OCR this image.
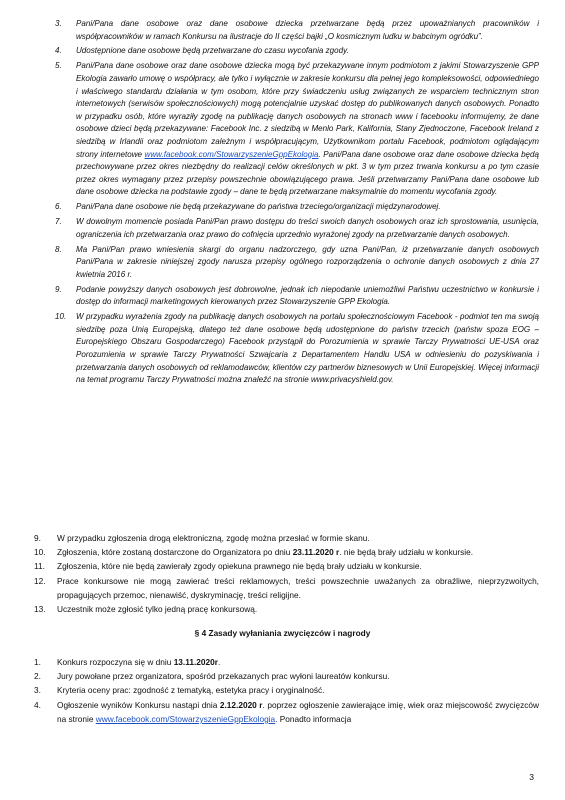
3. Pani/Pana dane osobowe oraz dane osobowe dziecka przetwarzane będą przez upoważnianych pracowników i współpracowników w ramach Konkursu na ilustracje do II części bajki „O kosmicznym ludku w babcinym ogródku”.
4. Udostępnione dane osobowe będą przetwarzane do czasu wycofania zgody.
5. Pani/Pana dane osobowe oraz dane osobowe dziecka mogą być przekazywane innym podmiotom z jakimi Stowarzyszenie GPP Ekologia zawarło umowę o współpracy, ale tylko i wyłącznie w zakresie konkursu dla pełnej jego kompleksowości, odpowiedniego i właściwego standardu działania w tym osobom, które przy świadczeniu usług związanych ze wsparciem technicznym stron internetowych (serwisów społecznościowych) mogą potencjalnie uzyskać dostęp do publikowanych danych osobowych. Ponadto w przypadku osób, które wyraziły zgodę na publikację danych osobowych na stronach www i facebooku informujemy, że dane osobowe dzieci będą przekazywane: Facebook Inc. z siedzibą w Menlo Park, Kalifornia, Stany Zjednoczone, Facebook Ireland z siedzibą w Irlandii oraz podmiotom zależnym i współpracującym, Użytkownikom portalu Facebook, podmiotom oglądającym strony internetowe www.facebook.com/StowarzyszenieGppEkologia. Pani/Pana dane osobowe oraz dane osobowe dziecka będą przechowywane przez okres niezbędny do realizacji celów określonych w pkt. 3 w tym przez trwania konkursu a po tym czasie przez okres wymagany przez przepisy powszechnie obowiązującego prawa. Jeśli przetwarzamy Pani/Pana dane osobowe lub dane osobowe dziecka na podstawie zgody – dane te będą przetwarzane maksymalnie do momentu wycofania zgody.
6. Pani/Pana dane osobowe nie będą przekazywane do państwa trzeciego/organizacji międzynarodowej.
7. W dowolnym momencie posiada Pani/Pan prawo dostępu do treści swoich danych osobowych oraz ich sprostowania, usunięcia, ograniczenia ich przetwarzania oraz prawo do cofnięcia uprzednio wyrażonej zgody na przetwarzanie danych osobowych.
8. Ma Pani/Pan prawo wniesienia skargi do organu nadzorczego, gdy uzna Pani/Pan, iż przetwarzanie danych osobowych Pani/Pana w zakresie niniejszej zgody narusza przepisy ogólnego rozporządzenia o ochronie danych osobowych z dnia 27 kwietnia 2016 r.
9. Podanie powyższy danych osobowych jest dobrowolne, jednak ich niepodanie uniemożliwi Państwu uczestnictwo w konkursie i dostęp do informacji marketingowych kierowanych przez Stowarzyszenie GPP Ekologia.
10. W przypadku wyrażenia zgody na publikację danych osobowych na portalu społecznościowym Facebook - podmiot ten ma swoją siedzibę poza Unią Europejską, dlatego też dane osobowe będą udostępnione do państw trzecich (państw spoza EOG – Europejskiego Obszaru Gospodarczego) Facebook przystąpił do Porozumienia w sprawie Tarczy Prywatności UE-USA oraz Porozumienia w sprawie Tarczy Prywatności Szwajcaria z Departamentem Handlu USA w odniesieniu do pozyskiwania i przetwarzania danych osobowych od reklamodawców, klientów czy partnerów biznesowych w Unii Europejskiej. Więcej informacji na temat programu Tarczy Prywatności można znaleźć na stronie www.privacyshield.gov.
9. W przypadku zgłoszenia drogą elektroniczną, zgodę można przesłać w formie skanu.
10. Zgłoszenia, które zostaną dostarczone do Organizatora po dniu 23.11.2020 r. nie będą brały udziału w konkursie.
11. Zgłoszenia, które nie będą zawierały zgody opiekuna prawnego nie będą brały udziału w konkursie.
12. Prace konkursowe nie mogą zawierać treści reklamowych, treści powszechnie uważanych za obraźliwe, nieprzyzwoitych, propagujących przemoc, nienawiść, dyskryminację, treści religijne.
13. Uczestnik może zgłosić tylko jedną pracę konkursową.
§ 4 Zasady wyłaniania zwycięzców i nagrody
1. Konkurs rozpoczyna się w dniu 13.11.2020r.
2. Jury powołane przez organizatora, spośród przekazanych prac wyłoni laureatów konkursu.
3. Kryteria oceny prac: zgodność z tematyką, estetyka pracy i oryginalność.
4. Ogłoszenie wyników Konkursu nastąpi dnia 2.12.2020 r. poprzez ogłoszenie zawierające imię, wiek oraz miejscowość zwycięzców na stronie www.facebook.com/StowarzyszenieGppEkologia. Ponadto informacja
3
